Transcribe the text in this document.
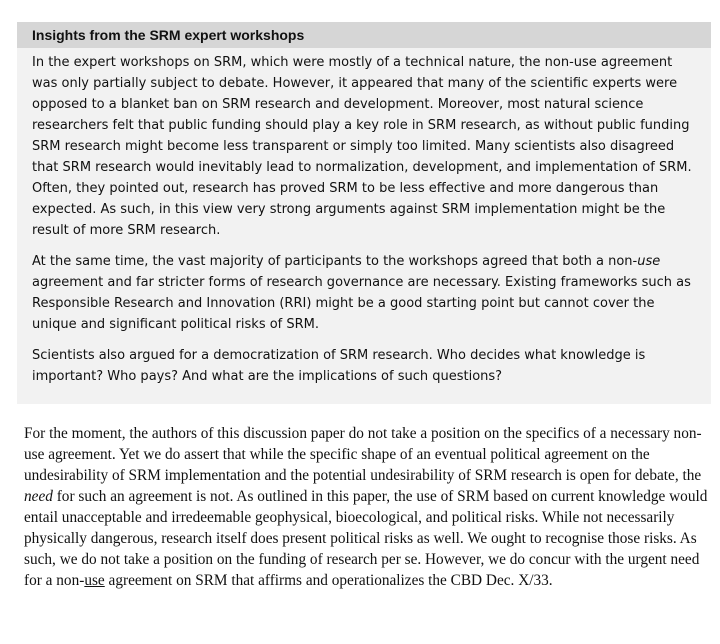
Insights from the SRM expert workshops

In the expert workshops on SRM, which were mostly of a technical nature, the non-use agreement was only partially subject to debate. However, it appeared that many of the scientific experts were opposed to a blanket ban on SRM research and development. Moreover, most natural science researchers felt that public funding should play a key role in SRM research, as without public funding SRM research might become less transparent or simply too limited. Many scientists also disagreed that SRM research would inevitably lead to normalization, development, and implementation of SRM. Often, they pointed out, research has proved SRM to be less effective and more dangerous than expected. As such, in this view very strong arguments against SRM implementation might be the result of more SRM research.

At the same time, the vast majority of participants to the workshops agreed that both a non-use agreement and far stricter forms of research governance are necessary. Existing frameworks such as Responsible Research and Innovation (RRI) might be a good starting point but cannot cover the unique and significant political risks of SRM.

Scientists also argued for a democratization of SRM research. Who decides what knowledge is important? Who pays? And what are the implications of such questions?

For the moment, the authors of this discussion paper do not take a position on the specifics of a necessary non-use agreement. Yet we do assert that while the specific shape of an eventual political agreement on the undesirability of SRM implementation and the potential undesirability of SRM research is open for debate, the need for such an agreement is not. As outlined in this paper, the use of SRM based on current knowledge would entail unacceptable and irredeemable geophysical, bioecological, and political risks. While not necessarily physically dangerous, research itself does present political risks as well. We ought to recognise those risks. As such, we do not take a position on the funding of research per se. However, we do concur with the urgent need for a non-use agreement on SRM that affirms and operationalizes the CBD Dec. X/33.
